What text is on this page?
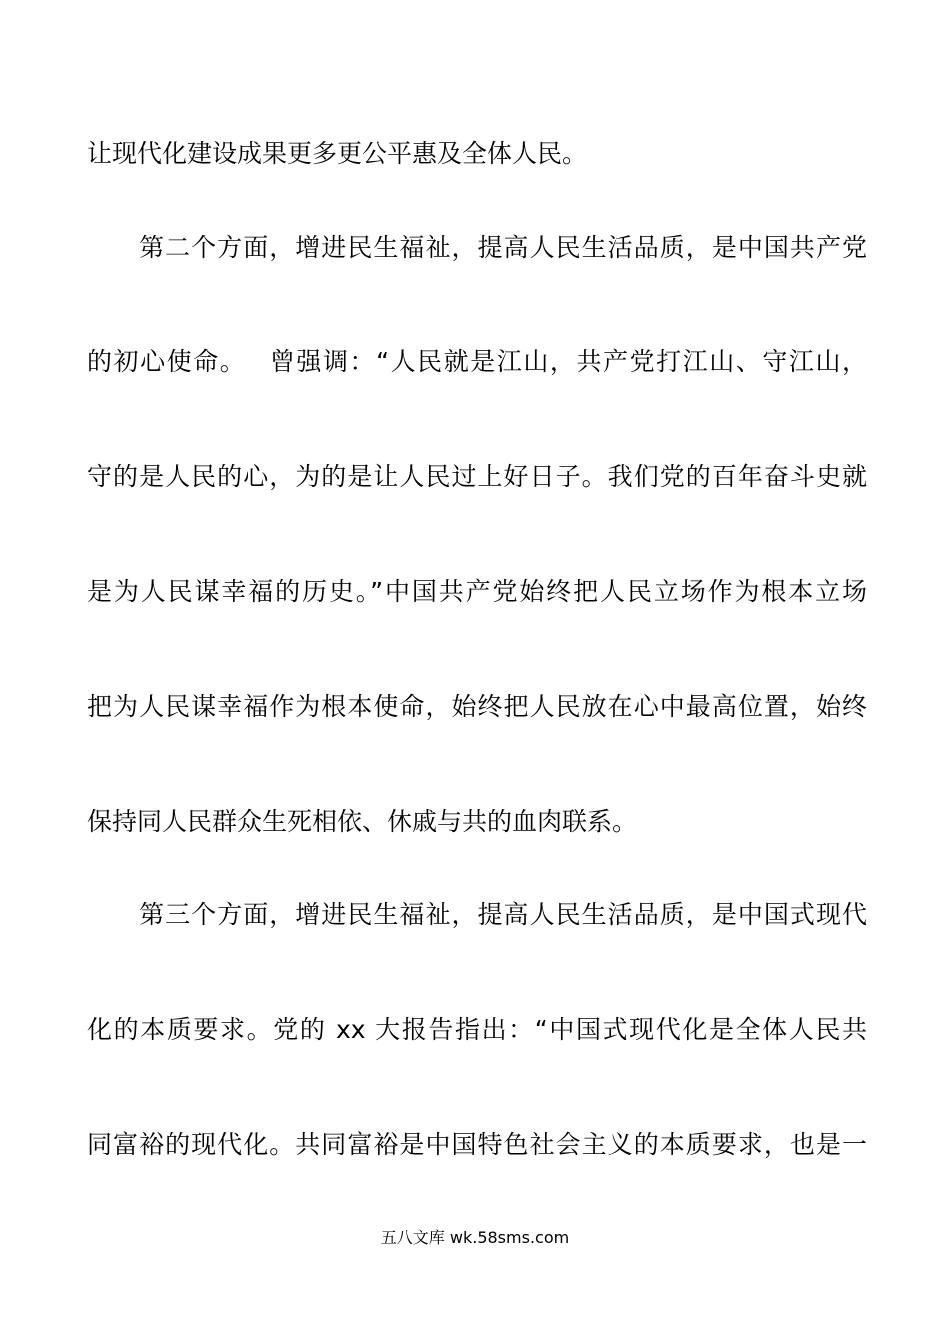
让现代化建设成果更多更公平惠及全体人民。
　　第二个方面，增进民生福祉，提高人民生活品质，是中国共产党
的初心使命。　 曾强调：“人民就是江山，共产党打江山、守江山，
守的是人民的心，为的是让人民过上好日子。我们党的百年奋斗史就
是为人民谋幸福的历史。”中国共产党始终把人民立场作为根本立场
把为人民谋幸福作为根本使命，始终把人民放在心中最高位置，始终
保持同人民群众生死相依、休戚与共的血肉联系。
　　第三个方面，增进民生福祉，提高人民生活品质，是中国式现代
化的本质要求。党的 xx 大报告指出：“中国式现代化是全体人民共
同富裕的现代化。共同富裕是中国特色社会主义的本质要求，也是一
五八文库 wk.58sms.com
